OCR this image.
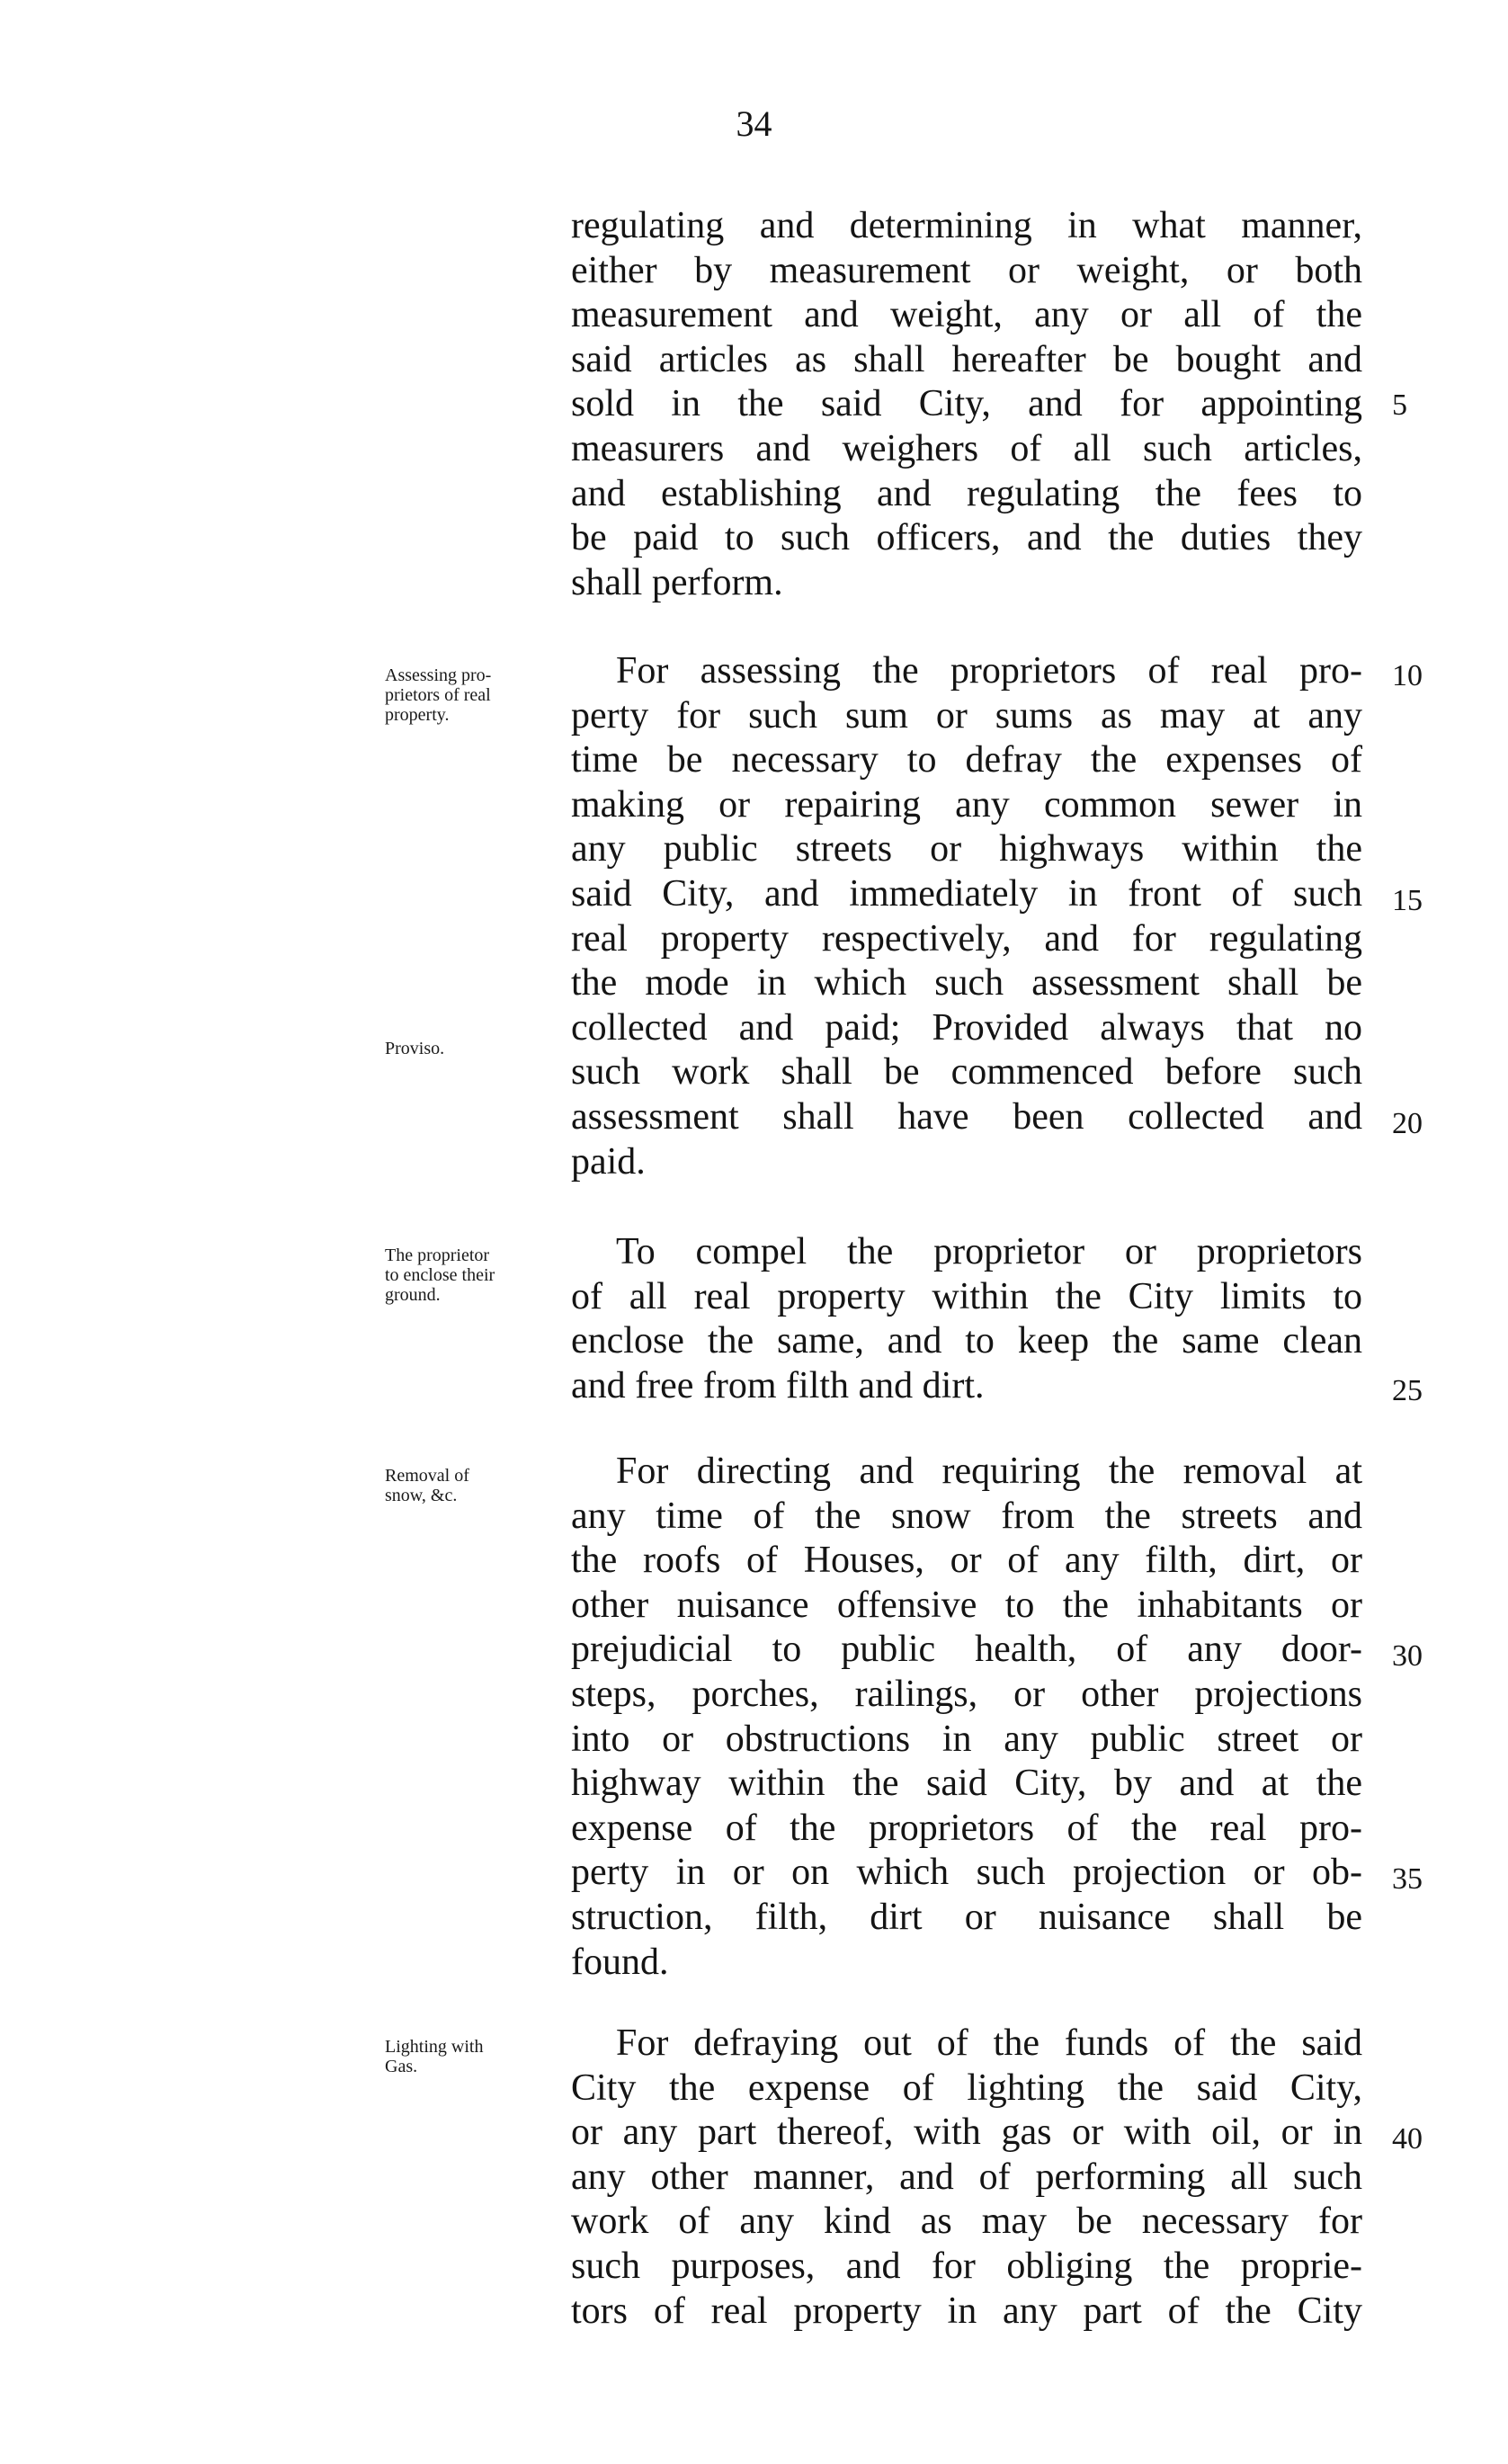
34
regulating and determining in what manner,
either by measurement or weight, or both
measurement and weight, any or all of the
said articles as shall hereafter be bought and
sold in the said City, and for appointing
measurers and weighers of all such articles,
and establishing and regulating the fees to
be paid to such officers, and the duties they
shall perform.
Assessing pro-
prietors of real
property.
Proviso.
For assessing the proprietors of real pro-
perty for such sum or sums as may at any
time be necessary to defray the expenses of
making or repairing any common sewer in
any public streets or highways within the
said City, and immediately in front of such
real property respectively, and for regulating
the mode in which such assessment shall be
collected and paid; Provided always that no
such work shall be commenced before such
assessment shall have been collected and
paid.
The proprietor
to enclose their
ground.
To compel the proprietor or proprietors
of all real property within the City limits to
enclose the same, and to keep the same clean
and free from filth and dirt.
Removal of
snow, &c.
For directing and requiring the removal at
any time of the snow from the streets and
the roofs of Houses, or of any filth, dirt, or
other nuisance offensive to the inhabitants or
prejudicial to public health, of any door-
steps, porches, railings, or other projections
into or obstructions in any public street or
highway within the said City, by and at the
expense of the proprietors of the real pro-
perty in or on which such projection or ob-
struction, filth, dirt or nuisance shall be
found.
Lighting with
Gas.
For defraying out of the funds of the said
City the expense of lighting the said City,
or any part thereof, with gas or with oil, or in
any other manner, and of performing all such
work of any kind as may be necessary for
such purposes, and for obliging the proprie-
tors of real property in any part of the City
5
10
15
20
25
30
35
40
